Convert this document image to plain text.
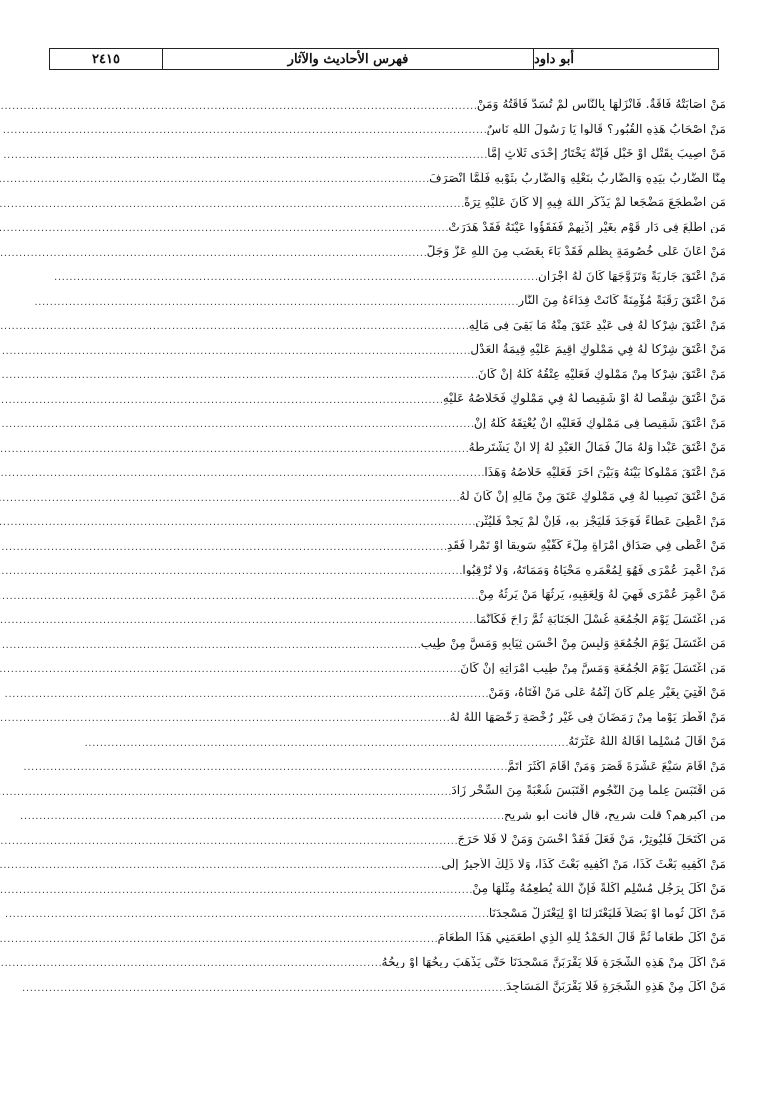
أبو داود
فهرس الأحاديث والآثار
٢٤١٥
مَنْ أَصَابَتْهُ فَاقَةٌ. فَأَنْزَلَهَا بِالنَّاسِ لَمْ تُسَدَّ فَاقَتُهُ وَمَنْ
.....
مَنْ أَصْحَابُ هَذِهِ القُبُورِ؟ قَالُوا يَا رَسُولَ اللَّهِ نَاسٌ
.....
مَنْ أُصِيبَ بِقَتْلٍ أَوْ خَبْلٍ فَإِنَّهُ يَخْتَارُ إِحْدَى ثَلَاثٍ إِمَّا
.....
مِنَّا الضَّارِبُ بِيَدِهِ وَالضَّارِبُ بِنَعْلِهِ وَالضَّارِبُ بِثَوْبِهِ فَلَمَّا انْصَرَفَ
.....
مَنِ اضْطَجَعَ مَضْجَعاً لَمْ يَذْكُرِ اللَّهَ فِيهِ إِلَّا كَانَ عَلَيْهِ تِرَةً
.....
مَنِ اطَّلَعَ فِي دَارِ قَوْمٍ بِغَيْرِ إِذْنِهِمْ فَفَقَؤُوا عَيْنَهُ فَقَدْ هَدَرَتْ
.....
مَنْ أَعَانَ عَلَى خُصُومَةٍ بِظُلْمٍ فَقَدْ بَاءَ بِغَضَبٍ مِنَ اللَّهِ عَزَّ وَجَلَّ
.....
مَنْ أَعْتَقَ جَارِيَةً وَتَزَوَّجَهَا كَانَ لَهُ أَجْرَانِ
.....
مَنْ أَعْتَقَ رَقَبَةً مُؤْمِنَةً كَانَتْ فِدَاءَهُ مِنَ النَّارِ
.....
مَنْ أَعْتَقَ شِرْكاً لَهُ فِي عَبْدٍ عَتَقَ مِنْهُ مَا بَقِيَ فِي مَالِهِ
.....
مَنْ أَعْتَقَ شِرْكاً لَهُ فِي مَمْلُوكٍ أُقِيمَ عَلَيْهِ قِيمَةُ العَدْلِ
.....
مَنْ أَعْتَقَ شِرْكاً مِنْ مَمْلُوكٍ فَعَلَيْهِ عِتْقُهُ كُلُّهُ إِنْ كَانَ
.....
مَنْ أَعْتَقَ شِقْصاً لَهُ أَوْ شَقِيصاً لَهُ فِي مَمْلُوكٍ فَخَلَاصُهُ عَلَيْهِ
.....
مَنْ أَعْتَقَ شَقِيصاً فِي مَمْلُوكٍ فَعَلَيْهِ أَنْ يُعْتِقَهُ كُلَّهُ إِنْ
.....
مَنْ أَعْتَقَ عَبْداً وَلَهُ مَالٌ فَمَالُ العَبْدِ لَهُ إِلَّا أَنْ يَشْتَرِطَهُ
.....
مَنْ أَعْتَقَ مَمْلُوكاً بَيْنَهُ وَبَيْنَ آخَرَ فَعَلَيْهِ خَلَاصُهُ وَهَذَا
.....
مَنْ أَعْتَقَ نَصِيباً لَهُ فِي مَمْلُوكٍ عَتَقَ مِنْ مَالِهِ إِنْ كَانَ لَهُ
.....
مَنْ أُعْطِيَ عَطَاءً فَوَجَدَ فَلْيَجْزِ بِهِ، فَإِنْ لَمْ يَجِدْ فَلْيُثْنِ
.....
مَنْ أَعْطَى فِي صَدَاقِ امْرَأَةٍ مِلْءَ كَفَّيْهِ سَوِيقاً أَوْ تَمْراً فَقَدِ
.....
مَنْ أُعْمِرَ عُمْرَى فَهُوَ لِمُعْمَرِهِ مَحْيَاهُ وَمَمَاتَهُ، وَلَا تُرْقِبُوا
.....
مَنْ أُعْمِرَ عُمْرَى فَهِيَ لَهُ وَلِعَقِبِهِ، يَرِثُهَا مَنْ يَرِثُهُ مِنْ
.....
مَنِ اغْتَسَلَ يَوْمَ الجُمُعَةِ غُسْلَ الجَنَابَةِ ثُمَّ رَاحَ فَكَأَنَّمَا
.....
مَنِ اغْتَسَلَ يَوْمَ الجُمُعَةِ وَلَبِسَ مِنْ أَحْسَنِ ثِيَابِهِ وَمَسَّ مِنْ طِيبٍ
.....
مَنِ اغْتَسَلَ يَوْمَ الجُمُعَةِ وَمَسَّ مِنْ طِيبِ امْرَأَتِهِ إِنْ كَانَ
.....
مَنْ أُفْتِيَ بِغَيْرِ عِلْمٍ كَانَ إِثْمُهُ عَلَى مَنْ أَفْتَاهُ، وَمَنْ
.....
مَنْ أَفْطَرَ يَوْماً مِنْ رَمَضَانَ فِي غَيْرِ رُخْصَةٍ رَخَّصَهَا اللَّهُ لَهُ
.....
مَنْ أَقَالَ مُسْلِماً أَقَالَهُ اللَّهُ عَثْرَتَهُ
.....
مَنْ أَقَامَ سَبْعَ عَشْرَةَ قَصَرَ وَمَنْ أَقَامَ أَكْثَرَ أَتَمَّ
.....
مَنِ اقْتَبَسَ عِلْماً مِنَ النُّجُومِ اقْتَبَسَ شُعْبَةً مِنَ السِّحْرِ زَادَ
.....
من أكبرهم؟ قلت شريح، قال فأنت أبو شريح
.....
مَنِ اكْتَحَلَ فَلْيُوتِرْ، مَنْ فَعَلَ فَقَدْ أَحْسَنَ وَمَنْ لَا فَلَا حَرَجَ
.....
مَنْ أَكْفِيهِ بَعْثَ كَذَا، مَنْ أَكْفِيهِ بَعْثَ كَذَا، وَلَا ذَلِكَ الأَجِيرُ إِلَى
.....
مَنْ أَكَلَ بِرَجُلٍ مُسْلِمٍ أُكْلَةً فَإِنَّ اللَّهَ يُطْعِمُهُ مِثْلَهَا مِنْ
.....
مَنْ أَكَلَ ثُوماً أَوْ بَصَلاً فَلْيَعْتَزِلْنَا أَوْ لِيَعْتَزِلْ مَسْجِدَنَا
.....
مَنْ أَكَلَ طَعَاماً ثُمَّ قَالَ الحَمْدُ لِلَّهِ الَّذِي أَطْعَمَنِي هَذَا الطَّعَامَ
.....
مَنْ أَكَلَ مِنْ هَذِهِ الشَّجَرَةِ فَلَا يَقْرَبَنَّ مَسْجِدَنَا حَتَّى يَذْهَبَ رِيحُهَا أَوْ رِيحُهُ
.....
مَنْ أَكَلَ مِنْ هَذِهِ الشَّجَرَةِ فَلَا يَقْرَبَنَّ المَسَاجِدَ
.....
